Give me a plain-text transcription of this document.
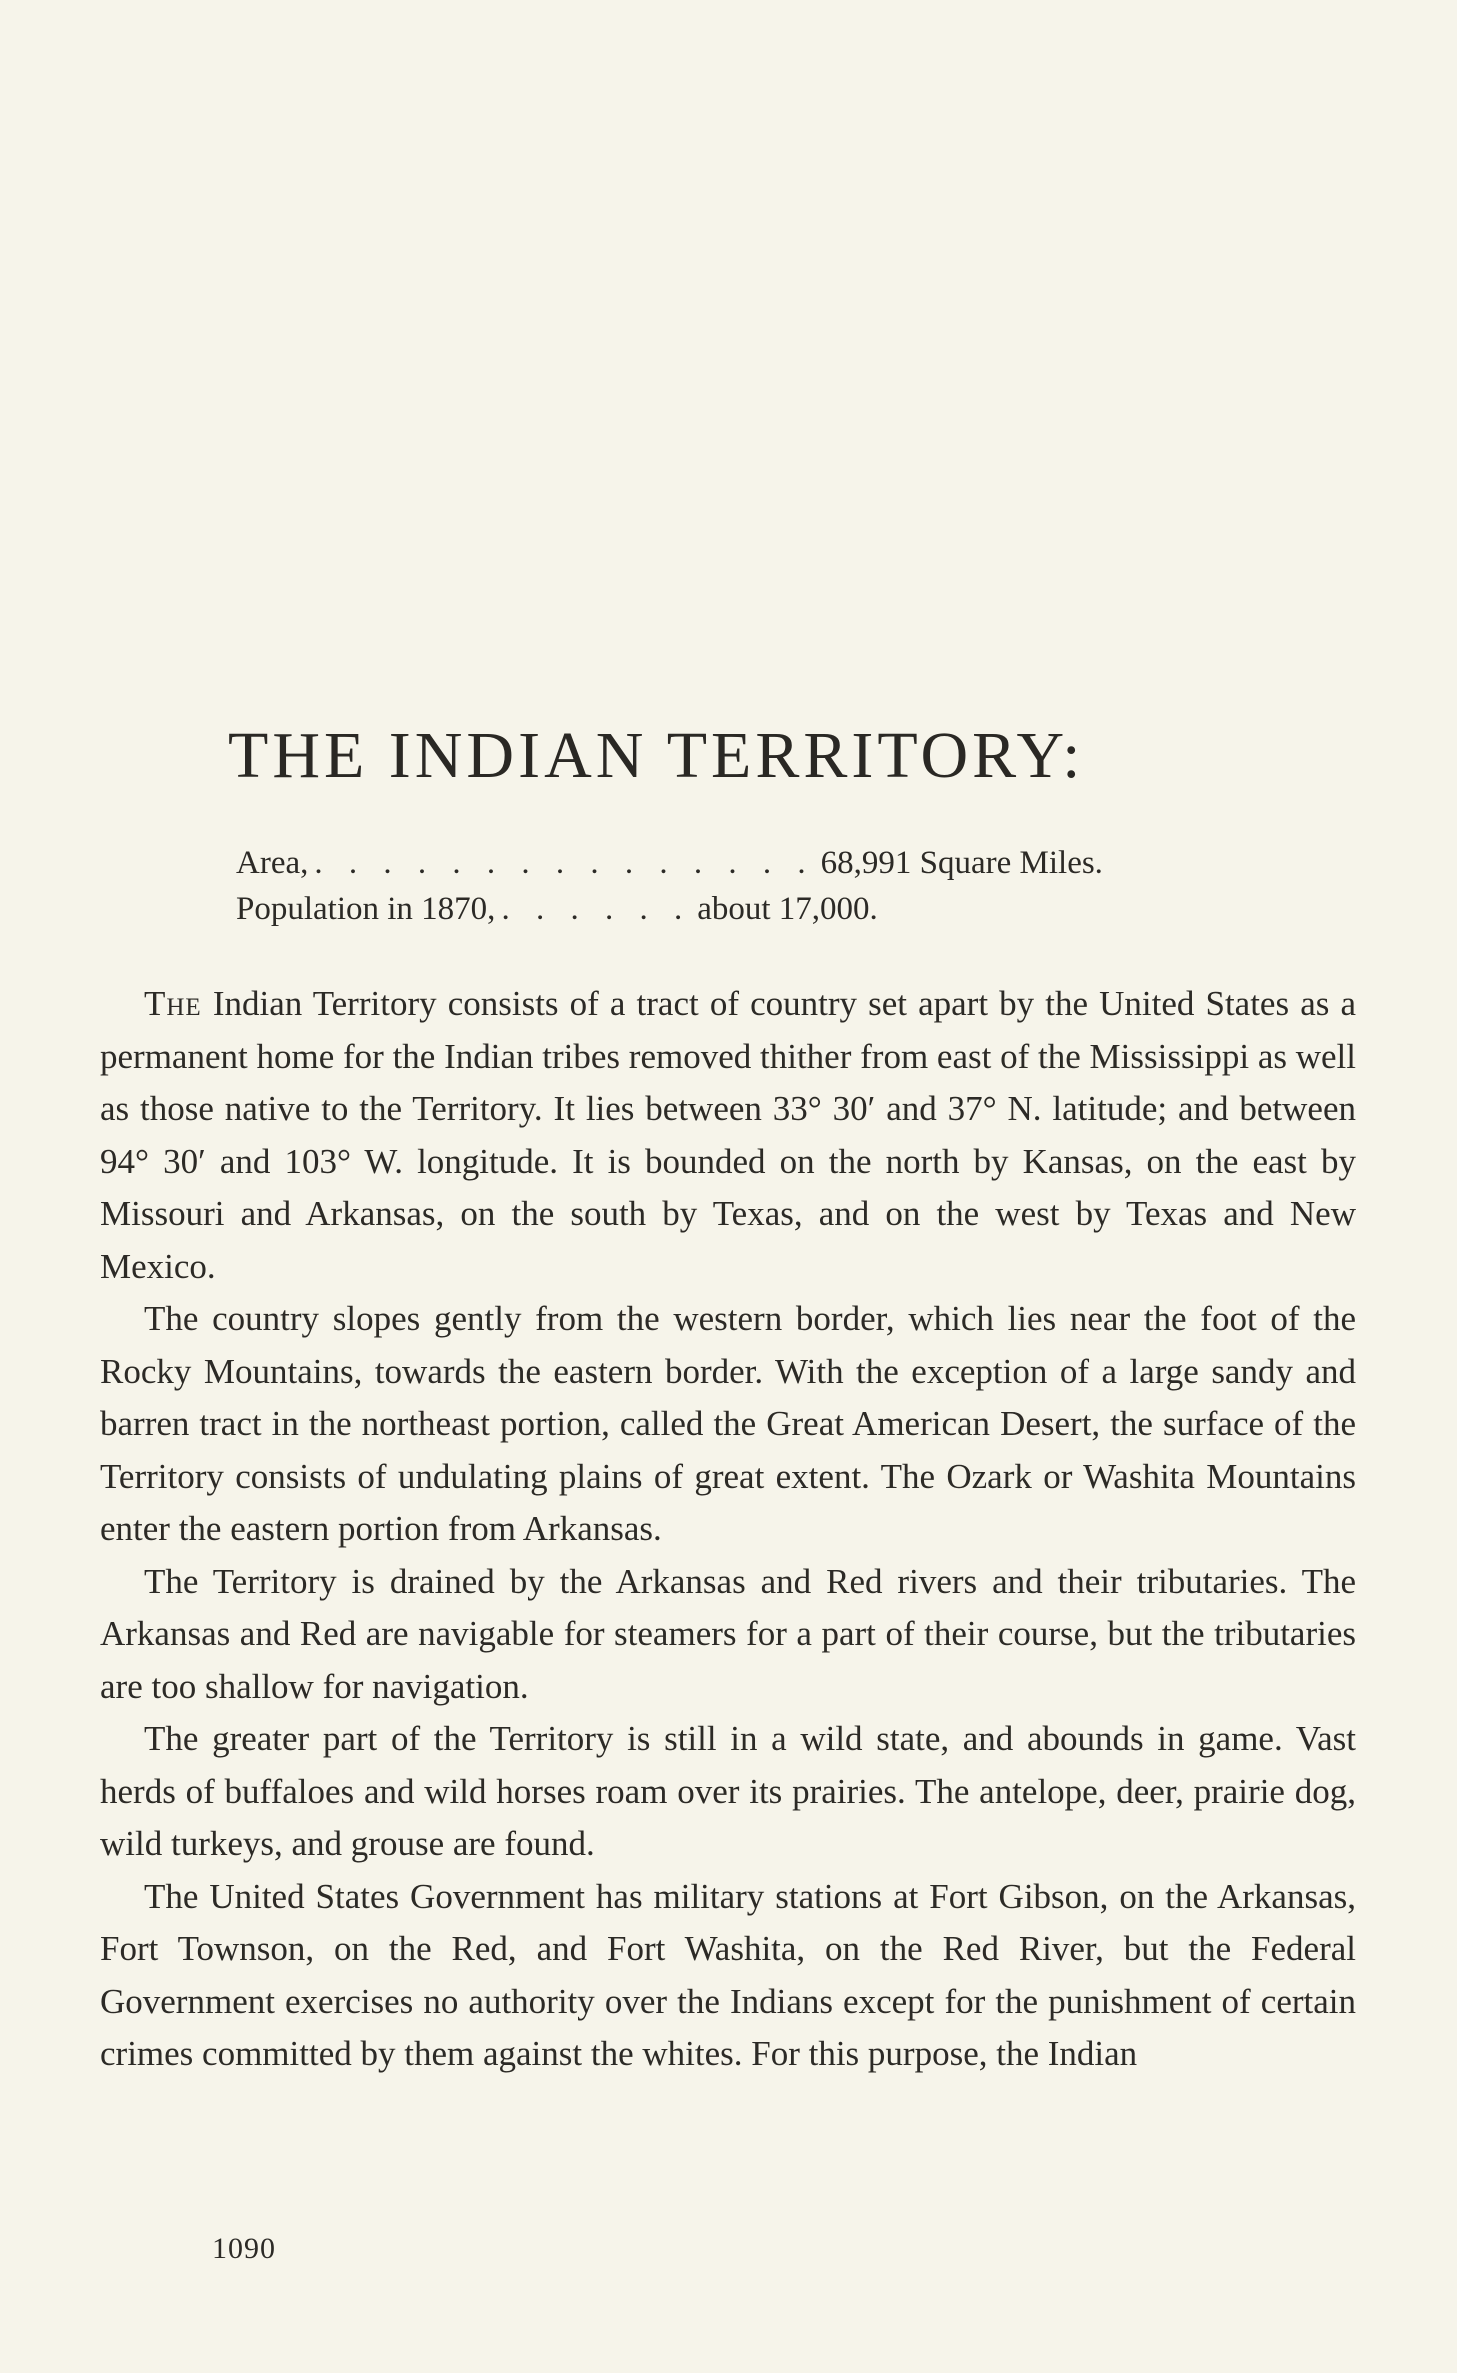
THE INDIAN TERRITORY:
Area, . . . . . . . . . . . . . . . 68,991 Square Miles.
Population in 1870, . . . . . . about 17,000.

The Indian Territory consists of a tract of country set apart by the United States as a permanent home for the Indian tribes removed thither from east of the Mississippi as well as those native to the Territory. It lies between 33° 30′ and 37° N. latitude; and between 94° 30′ and 103° W. longitude. It is bounded on the north by Kansas, on the east by Missouri and Arkansas, on the south by Texas, and on the west by Texas and New Mexico.

The country slopes gently from the western border, which lies near the foot of the Rocky Mountains, towards the eastern border. With the exception of a large sandy and barren tract in the northeast portion, called the Great American Desert, the surface of the Territory consists of undulating plains of great extent. The Ozark or Washita Mountains enter the eastern portion from Arkansas.

The Territory is drained by the Arkansas and Red rivers and their tributaries. The Arkansas and Red are navigable for steamers for a part of their course, but the tributaries are too shallow for navigation.

The greater part of the Territory is still in a wild state, and abounds in game. Vast herds of buffaloes and wild horses roam over its prairies. The antelope, deer, prairie dog, wild turkeys, and grouse are found.

The United States Government has military stations at Fort Gibson, on the Arkansas, Fort Townson, on the Red, and Fort Washita, on the Red River, but the Federal Government exercises no authority over the Indians except for the punishment of certain crimes committed by them against the whites. For this purpose, the Indian

1090
